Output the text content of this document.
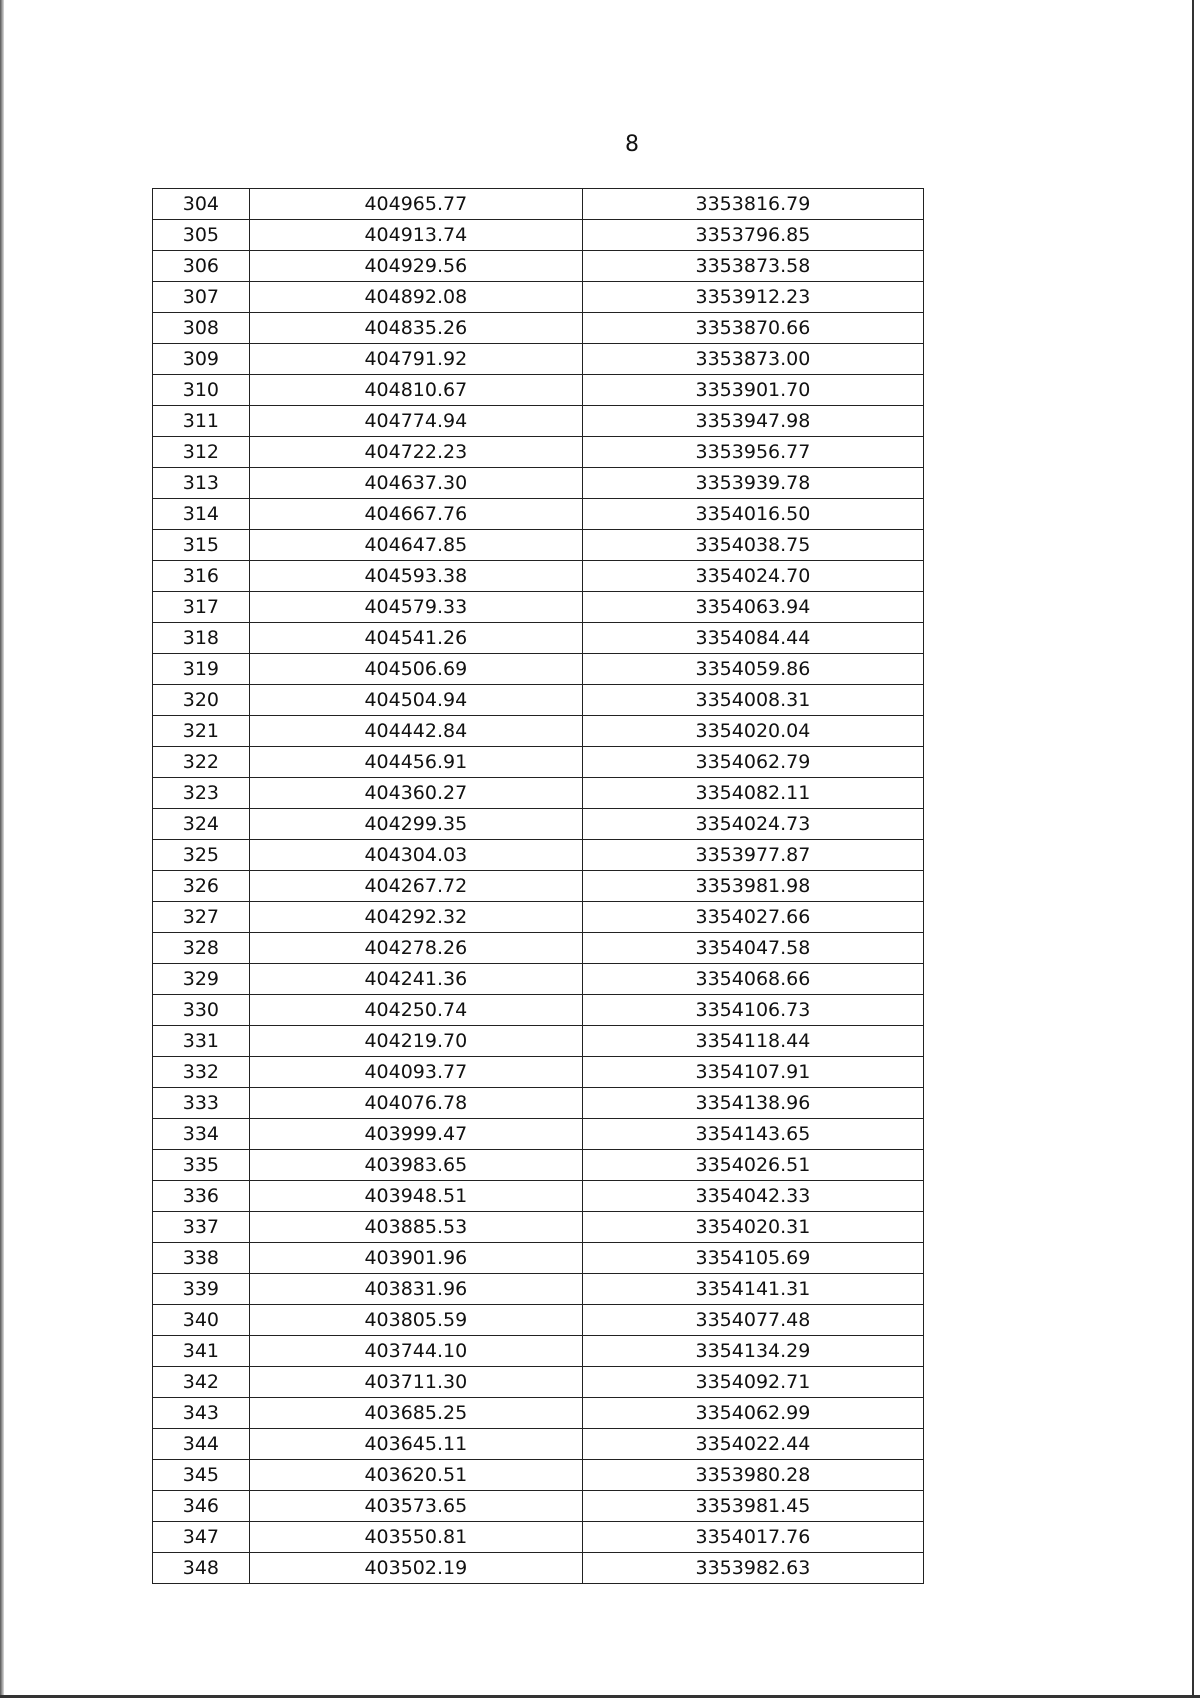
8
304	404965.77	3353816.79
305	404913.74	3353796.85
306	404929.56	3353873.58
307	404892.08	3353912.23
308	404835.26	3353870.66
309	404791.92	3353873.00
310	404810.67	3353901.70
311	404774.94	3353947.98
312	404722.23	3353956.77
313	404637.30	3353939.78
314	404667.76	3354016.50
315	404647.85	3354038.75
316	404593.38	3354024.70
317	404579.33	3354063.94
318	404541.26	3354084.44
319	404506.69	3354059.86
320	404504.94	3354008.31
321	404442.84	3354020.04
322	404456.91	3354062.79
323	404360.27	3354082.11
324	404299.35	3354024.73
325	404304.03	3353977.87
326	404267.72	3353981.98
327	404292.32	3354027.66
328	404278.26	3354047.58
329	404241.36	3354068.66
330	404250.74	3354106.73
331	404219.70	3354118.44
332	404093.77	3354107.91
333	404076.78	3354138.96
334	403999.47	3354143.65
335	403983.65	3354026.51
336	403948.51	3354042.33
337	403885.53	3354020.31
338	403901.96	3354105.69
339	403831.96	3354141.31
340	403805.59	3354077.48
341	403744.10	3354134.29
342	403711.30	3354092.71
343	403685.25	3354062.99
344	403645.11	3354022.44
345	403620.51	3353980.28
346	403573.65	3353981.45
347	403550.81	3354017.76
348	403502.19	3353982.63
